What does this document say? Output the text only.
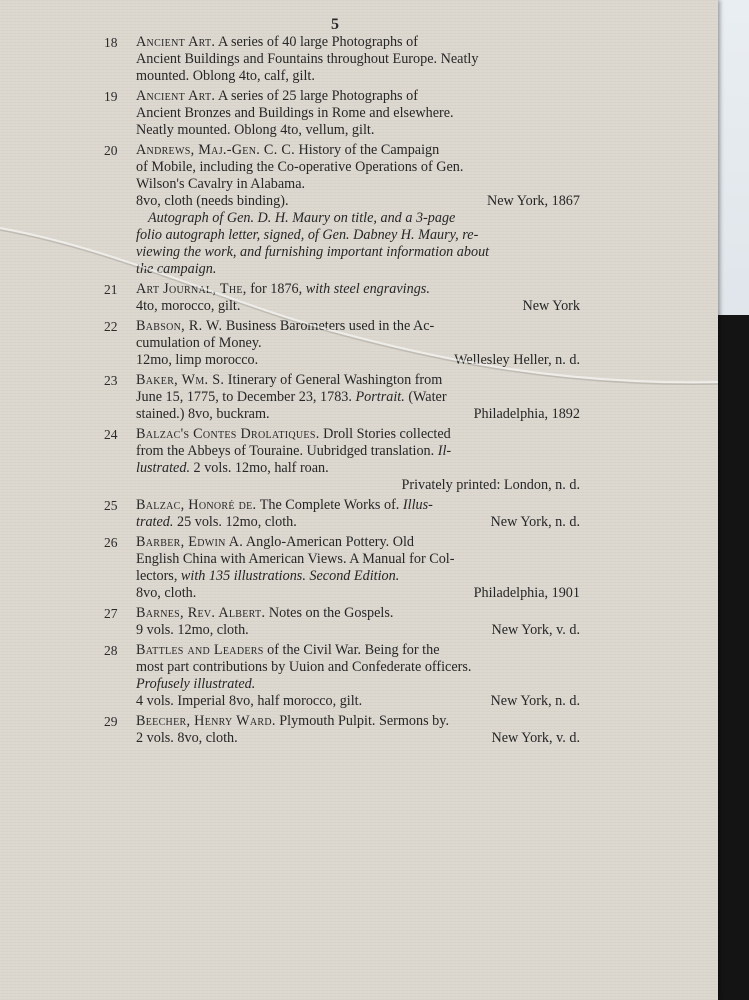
5
18	Ancient Art. A series of 40 large Photographs of
Ancient Buildings and Fountains throughout Europe. Neatly
mounted. Oblong 4to, calf, gilt.
19	Ancient Art. A series of 25 large Photographs of
Ancient Bronzes and Buildings in Rome and elsewhere.
Neatly mounted. Oblong 4to, vellum, gilt.
20	Andrews, Maj.-Gen. C. C. History of the Campaign
of Mobile, including the Co-operative Operations of Gen.
Wilson's Cavalry in Alabama.
8vo, cloth (needs binding).	New York, 1867
Autograph of Gen. D. H. Maury on title, and a 3-page
folio autograph letter, signed, of Gen. Dabney H. Maury, re-
viewing the work, and furnishing important information about
the campaign.
21	Art Journal, The, for 1876, with steel engravings.
4to, morocco, gilt.	New York
22	Babson, R. W. Business Barometers used in the Ac-
cumulation of Money.
12mo, limp morocco.	Wellesley Heller, n. d.
23	Baker, Wm. S. Itinerary of General Washington from
June 15, 1775, to December 23, 1783. Portrait. (Water
stained.) 8vo, buckram.	Philadelphia, 1892
24	Balzac's Contes Drolatiques. Droll Stories collected
from the Abbeys of Touraine. Uubridged translation. Il-
lustrated. 2 vols. 12mo, half roan.
Privately printed: London, n. d.
25	Balzac, Honoré de. The Complete Works of. Illus-
trated. 25 vols. 12mo, cloth.	New York, n. d.
26	Barber, Edwin A. Anglo-American Pottery. Old
English China with American Views. A Manual for Col-
lectors, with 135 illustrations. Second Edition.
8vo, cloth.	Philadelphia, 1901
27	Barnes, Rev. Albert. Notes on the Gospels.
9 vols. 12mo, cloth.	New York, v. d.
28	Battles and Leaders of the Civil War. Being for the
most part contributions by Uuion and Confederate officers.
Profusely illustrated.
4 vols. Imperial 8vo, half morocco, gilt.	New York, n. d.
29	Beecher, Henry Ward. Plymouth Pulpit. Sermons by.
2 vols. 8vo, cloth.	New York, v. d.
